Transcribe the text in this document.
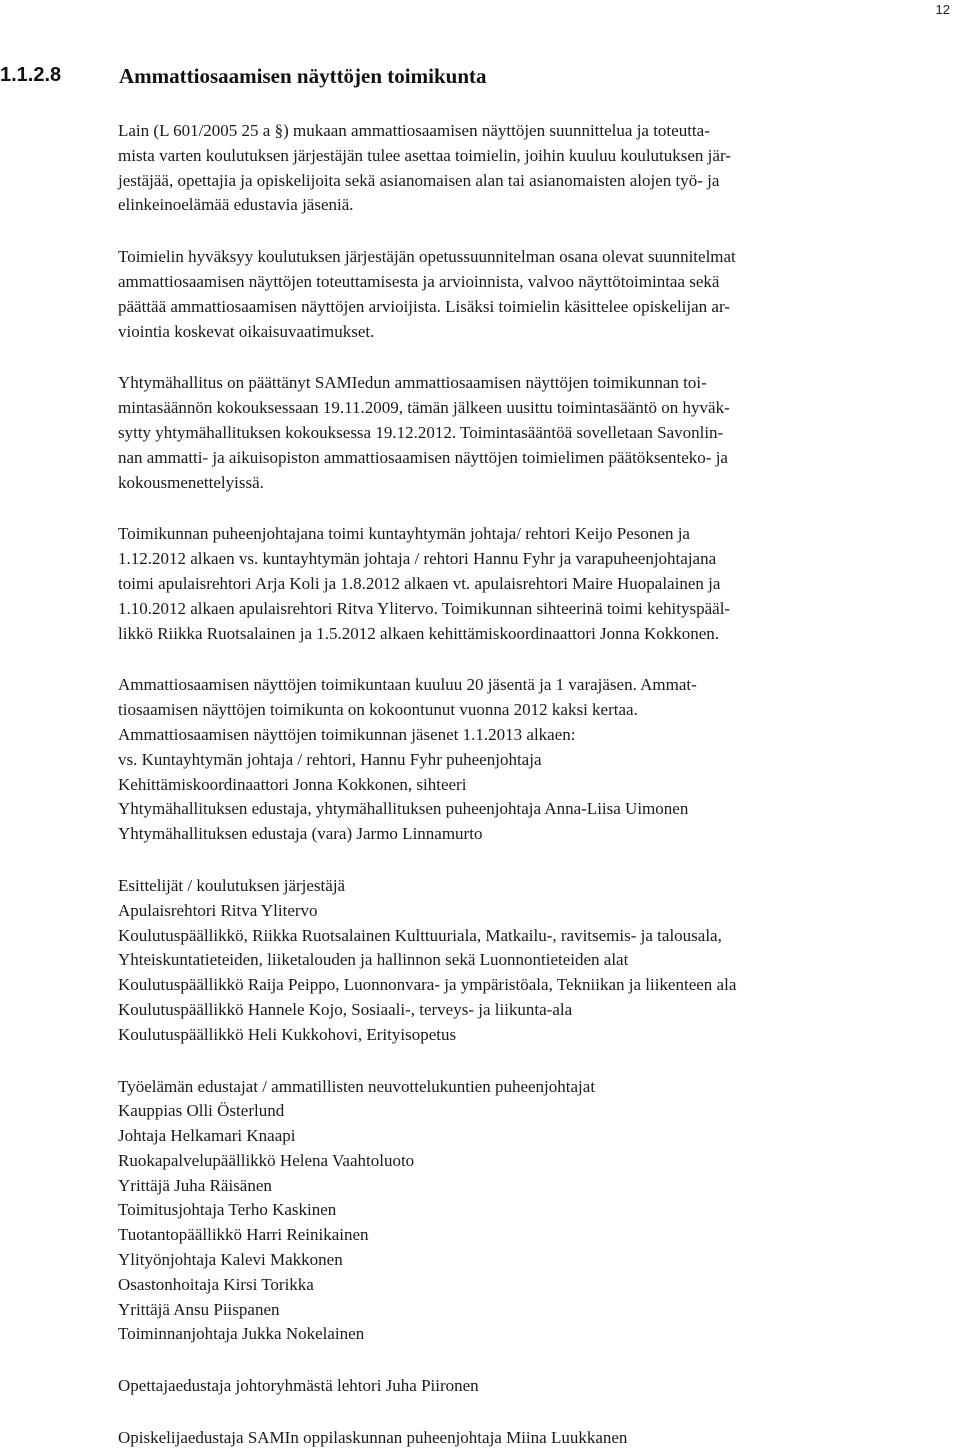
12
1.1.2.8	Ammattiosaamisen näyttöjen toimikunta
Lain (L 601/2005 25 a §) mukaan ammattiosaamisen näyttöjen suunnittelua ja toteutta-
mista varten koulutuksen järjestäjän tulee asettaa toimielin, joihin kuuluu koulutuksen jär-
jestäjää, opettajia ja opiskelijoita sekä asianomaisen alan tai asianomaisten alojen työ- ja
elinkeinoelämää edustavia jäseniä.
Toimielin hyväksyy koulutuksen järjestäjän opetussuunnitelman osana olevat suunnitelmat
ammattiosaamisen näyttöjen toteuttamisesta ja arvioinnista, valvoo näyttötoimintaa sekä
päättää ammattiosaamisen näyttöjen arvioijista. Lisäksi toimielin käsittelee opiskelijan ar-
viointia koskevat oikaisuvaatimukset.
Yhtymähallitus on päättänyt SAMIedun ammattiosaamisen näyttöjen toimikunnan toi-
mintasäännön kokouksessaan 19.11.2009, tämän jälkeen uusittu toimintasääntö on hyväk-
sytty yhtymähallituksen kokouksessa 19.12.2012. Toimintasääntöä sovelletaan Savonlin-
nan ammatti- ja aikuisopiston ammattiosaamisen näyttöjen toimielimen päätöksenteko- ja
kokousmenettelyissä.
Toimikunnan puheenjohtajana toimi kuntayhtymän johtaja/ rehtori Keijo Pesonen ja
1.12.2012 alkaen vs. kuntayhtymän johtaja / rehtori Hannu Fyhr ja varapuheenjohtajana
toimi apulaisrehtori Arja Koli ja 1.8.2012 alkaen vt. apulaisrehtori Maire Huopalainen ja
1.10.2012 alkaen apulaisrehtori Ritva Ylitervo. Toimikunnan sihteerinä toimi kehityspääl-
likkö Riikka Ruotsalainen ja 1.5.2012 alkaen kehittämiskoordinaattori Jonna Kokkonen.
Ammattiosaamisen näyttöjen toimikuntaan kuuluu 20 jäsentä ja 1 varajäsen. Ammat-
tiosaamisen näyttöjen toimikunta on kokoontunut vuonna 2012 kaksi kertaa.
Ammattiosaamisen näyttöjen toimikunnan jäsenet 1.1.2013 alkaen:
vs. Kuntayhtymän johtaja / rehtori, Hannu Fyhr puheenjohtaja
Kehittämiskoordinaattori Jonna Kokkonen, sihteeri
Yhtymähallituksen edustaja, yhtymähallituksen puheenjohtaja Anna-Liisa Uimonen
Yhtymähallituksen edustaja (vara) Jarmo Linnamurto
Esittelijät / koulutuksen järjestäjä
Apulaisrehtori Ritva Ylitervo
Koulutuspäällikkö, Riikka Ruotsalainen Kulttuuriala, Matkailu-, ravitsemis- ja talousala,
Yhteiskuntatieteiden, liiketalouden ja hallinnon sekä Luonnontieteiden alat
Koulutuspäällikkö Raija Peippo, Luonnonvara- ja ympäristöala, Tekniikan ja liikenteen ala
Koulutuspäällikkö Hannele Kojo, Sosiaali-, terveys- ja liikunta-ala
Koulutuspäällikkö Heli Kukkohovi, Erityisopetus
Työelämän edustajat / ammatillisten neuvottelukuntien puheenjohtajat
Kauppias Olli Österlund
Johtaja Helkamari Knaapi
Ruokapalvelupäällikkö Helena Vaahtoluoto
Yrittäjä Juha Räisänen
Toimitusjohtaja Terho Kaskinen
Tuotantopäällikkö Harri Reinikainen
Ylityönjohtaja Kalevi Makkonen
Osastonhoitaja Kirsi Torikka
Yrittäjä Ansu Piispanen
Toiminnanjohtaja Jukka Nokelainen
Opettajaedustaja johtoryhmästä lehtori Juha Piironen
Opiskelijaedustaja SAMIn oppilaskunnan puheenjohtaja Miina Luukkanen
